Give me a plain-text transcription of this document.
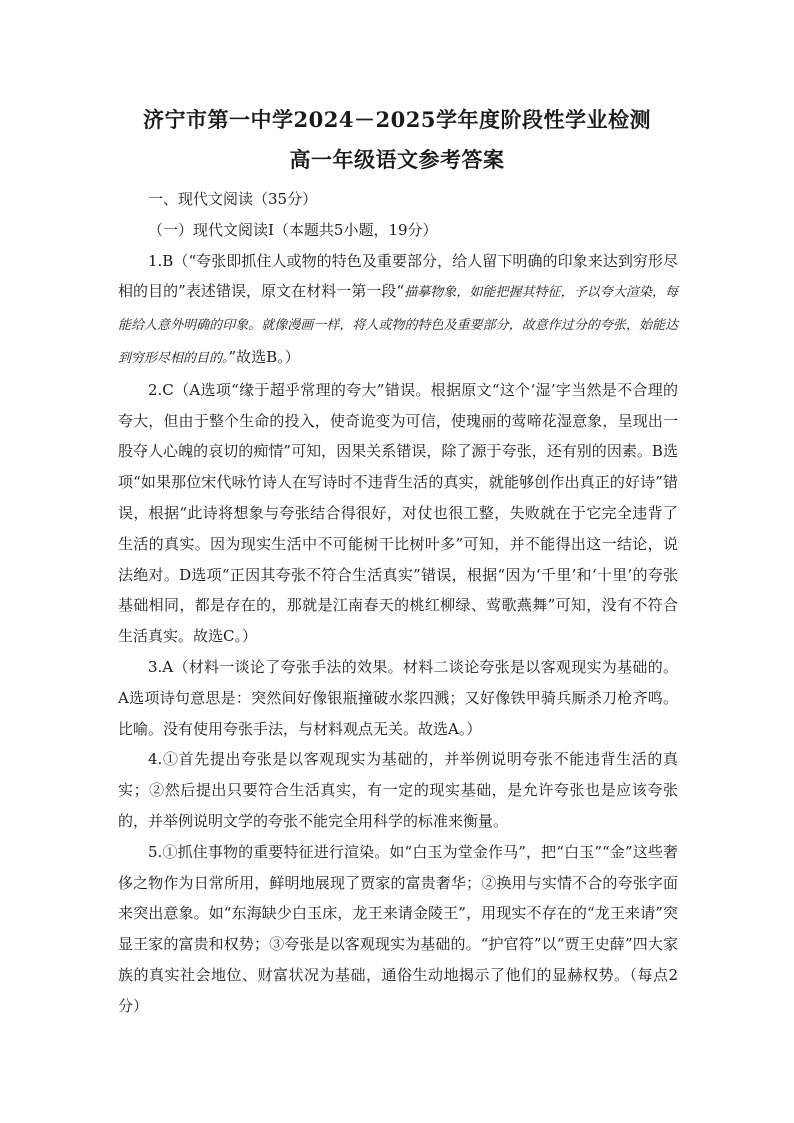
济宁市第一中学2024－2025学年度阶段性学业检测
高一年级语文参考答案

一、现代文阅读（35分）

（一）现代文阅读Ⅰ（本题共5小题，19分）

1.B（“夸张即抓住人或物的特色及重要部分，给人留下明确的印象来达到穷形尽相的目的”表述错误，原文在材料一第一段“描摹物象，如能把握其特征，予以夸大渲染，每能给人意外明确的印象。就像漫画一样，将人或物的特色及重要部分，故意作过分的夸张，始能达到穷形尽相的目的。”故选B。）

2.C（A选项“缘于超乎常理的夸大”错误。根据原文“这个‘湿’字当然是不合理的夸大，但由于整个生命的投入，使奇诡变为可信，使瑰丽的莺啼花湿意象，呈现出一股夺人心魄的哀切的痴情”可知，因果关系错误，除了源于夸张，还有别的因素。B选项“如果那位宋代咏竹诗人在写诗时不违背生活的真实，就能够创作出真正的好诗”错误，根据“此诗将想象与夸张结合得很好，对仗也很工整，失败就在于它完全违背了生活的真实。因为现实生活中不可能树干比树叶多”可知，并不能得出这一结论，说法绝对。D选项“正因其夸张不符合生活真实”错误，根据“因为‘千里’和‘十里’的夸张基础相同，都是存在的，那就是江南春天的桃红柳绿、莺歌燕舞”可知，没有不符合生活真实。故选C。）

3.A（材料一谈论了夸张手法的效果。材料二谈论夸张是以客观现实为基础的。A选项诗句意思是：突然间好像银瓶撞破水浆四溅；又好像铁甲骑兵厮杀刀枪齐鸣。比喻。没有使用夸张手法，与材料观点无关。故选A。）

4.①首先提出夸张是以客观现实为基础的，并举例说明夸张不能违背生活的真实；②然后提出只要符合生活真实，有一定的现实基础，是允许夸张也是应该夸张的，并举例说明文学的夸张不能完全用科学的标准来衡量。

5.①抓住事物的重要特征进行渲染。如“白玉为堂金作马”，把“白玉”“金”这些奢侈之物作为日常所用，鲜明地展现了贾家的富贵奢华；②换用与实情不合的夸张字面来突出意象。如“东海缺少白玉床，龙王来请金陵王”，用现实不存在的“龙王来请”突显王家的富贵和权势；③夸张是以客观现实为基础的。“护官符”以“贾王史薛”四大家族的真实社会地位、财富状况为基础，通俗生动地揭示了他们的显赫权势。（每点2分）
